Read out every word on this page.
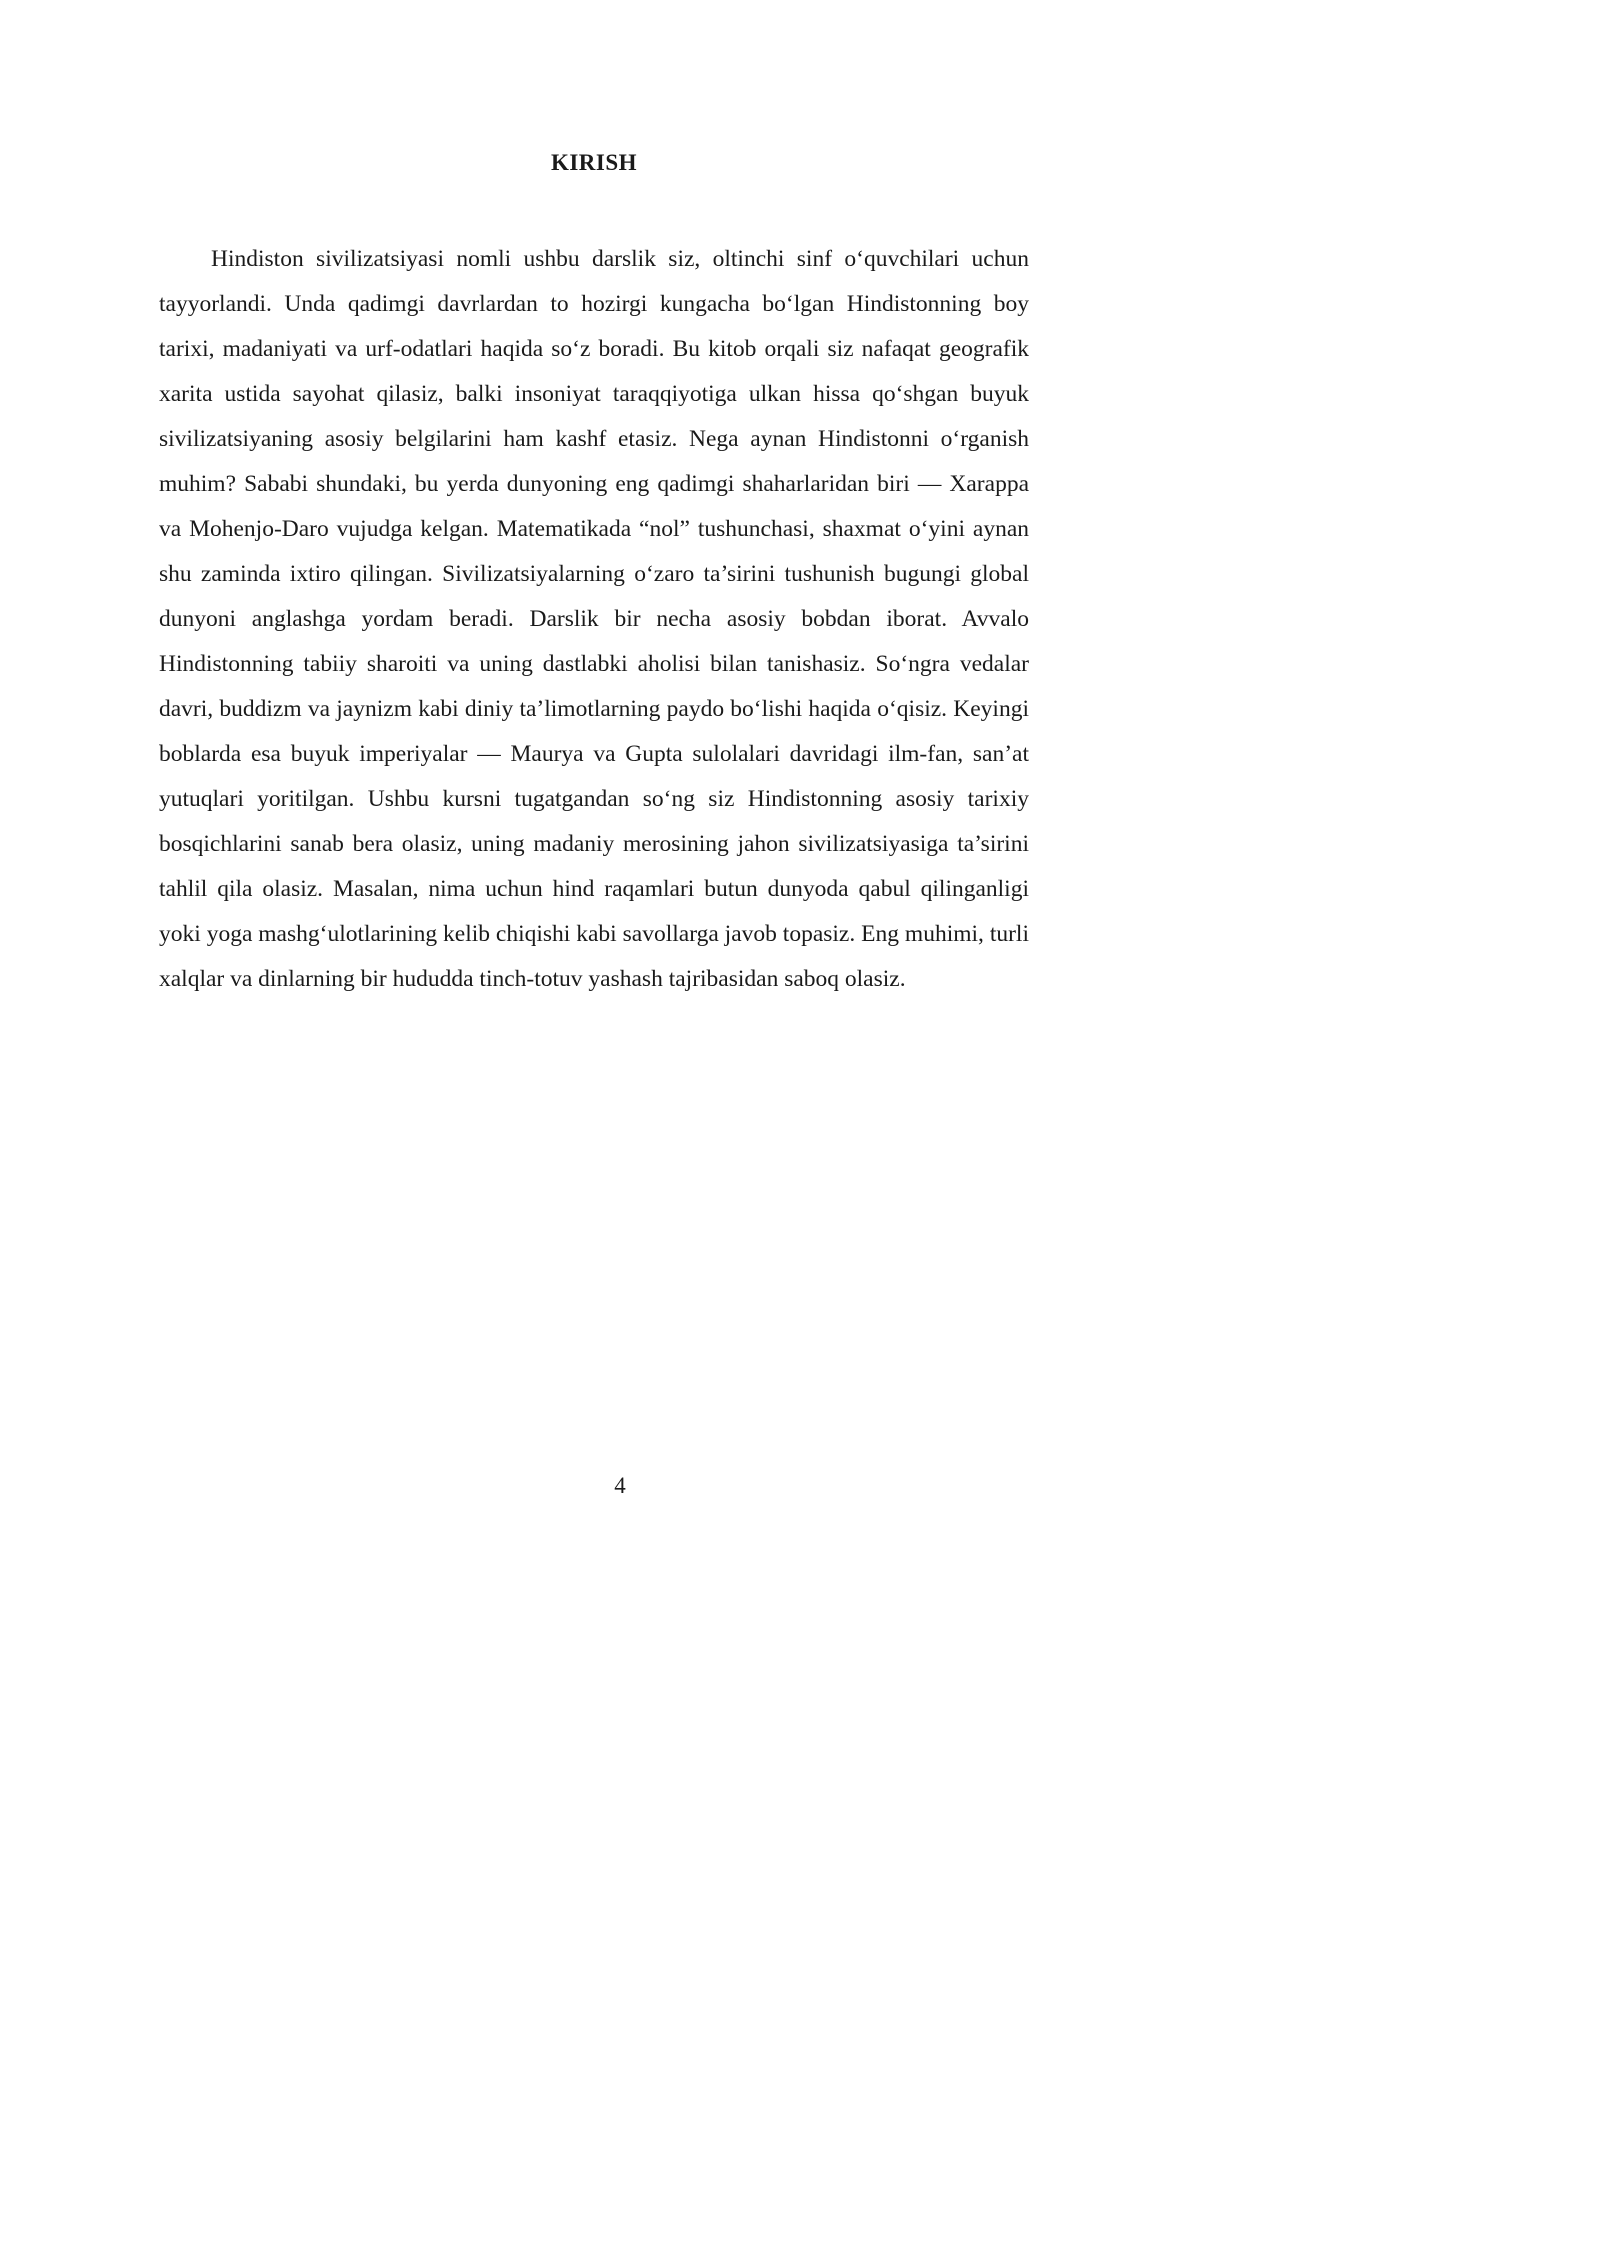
KIRISH

Hindiston sivilizatsiyasi nomli ushbu darslik siz, oltinchi sinf o‘quvchilari uchun tayyorlandi. Unda qadimgi davrlardan to hozirgi kungacha bo‘lgan Hindistonning boy tarixi, madaniyati va urf-odatlari haqida so‘z boradi. Bu kitob orqali siz nafaqat geografik xarita ustida sayohat qilasiz, balki insoniyat taraqqiyotiga ulkan hissa qo‘shgan buyuk sivilizatsiyaning asosiy belgilarini ham kashf etasiz. Nega aynan Hindistonni o‘rganish muhim? Sababi shundaki, bu yerda dunyoning eng qadimgi shaharlaridan biri — Xarappa va Mohenjo-Daro vujudga kelgan. Matematikada “nol” tushunchasi, shaxmat o‘yini aynan shu zaminda ixtiro qilingan. Sivilizatsiyalarning o‘zaro ta’sirini tushunish bugungi global dunyoni anglashga yordam beradi. Darslik bir necha asosiy bobdan iborat. Avvalo Hindistonning tabiiy sharoiti va uning dastlabki aholisi bilan tanishasiz. So‘ngra vedalar davri, buddizm va jaynizm kabi diniy ta’limotlarning paydo bo‘lishi haqida o‘qisiz. Keyingi boblarda esa buyuk imperiyalar — Maurya va Gupta sulolalari davridagi ilm-fan, san’at yutuqlari yoritilgan. Ushbu kursni tugatgandan so‘ng siz Hindistonning asosiy tarixiy bosqichlarini sanab bera olasiz, uning madaniy merosining jahon sivilizatsiyasiga ta’sirini tahlil qila olasiz. Masalan, nima uchun hind raqamlari butun dunyoda qabul qilinganligi yoki yoga mashg‘ulotlarining kelib chiqishi kabi savollarga javob topasiz. Eng muhimi, turli xalqlar va dinlarning bir hududda tinch-totuv yashash tajribasidan saboq olasiz.

4
